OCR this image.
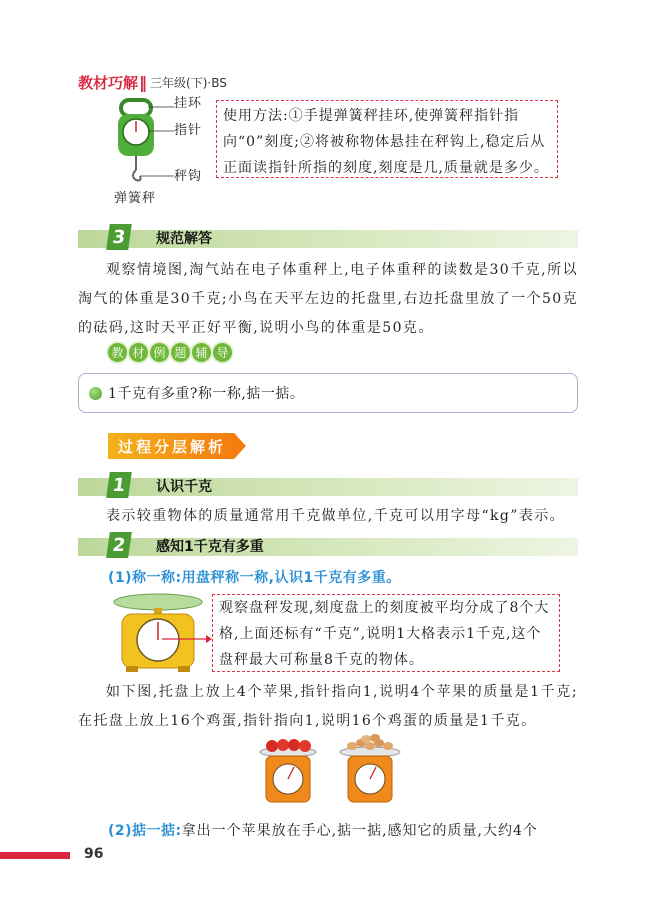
教材巧解 ‖ 三年级(下)·BS
挂环
指针
秤钩
弹簧秤
使用方法:①手提弹簧秤挂环,使弹簧秤指针指向“0”刻度;②将被称物体悬挂在秤钩上,稳定后从正面读指针所指的刻度,刻度是几,质量就是多少。
3	规范解答
观察情境图,淘气站在电子体重秤上,电子体重秤的读数是30千克,所以淘气的体重是30千克;小鸟在天平左边的托盘里,右边托盘里放了一个50克的砝码,这时天平正好平衡,说明小鸟的体重是50克。
教 材 例 题 辅 导
1千克有多重?称一称,掂一掂。
过程分层解析
1	认识千克
表示较重物体的质量通常用千克做单位,千克可以用字母“kg”表示。
2	感知1千克有多重
(1)称一称:用盘秤称一称,认识1千克有多重。
观察盘秤发现,刻度盘上的刻度被平均分成了8个大格,上面还标有“千克”,说明1大格表示1千克,这个盘秤最大可称量8千克的物体。
如下图,托盘上放上4个苹果,指针指向1,说明4个苹果的质量是1千克;在托盘上放上16个鸡蛋,指针指向1,说明16个鸡蛋的质量是1千克。
(2)掂一掂:拿出一个苹果放在手心,掂一掂,感知它的质量,大约4个
96
